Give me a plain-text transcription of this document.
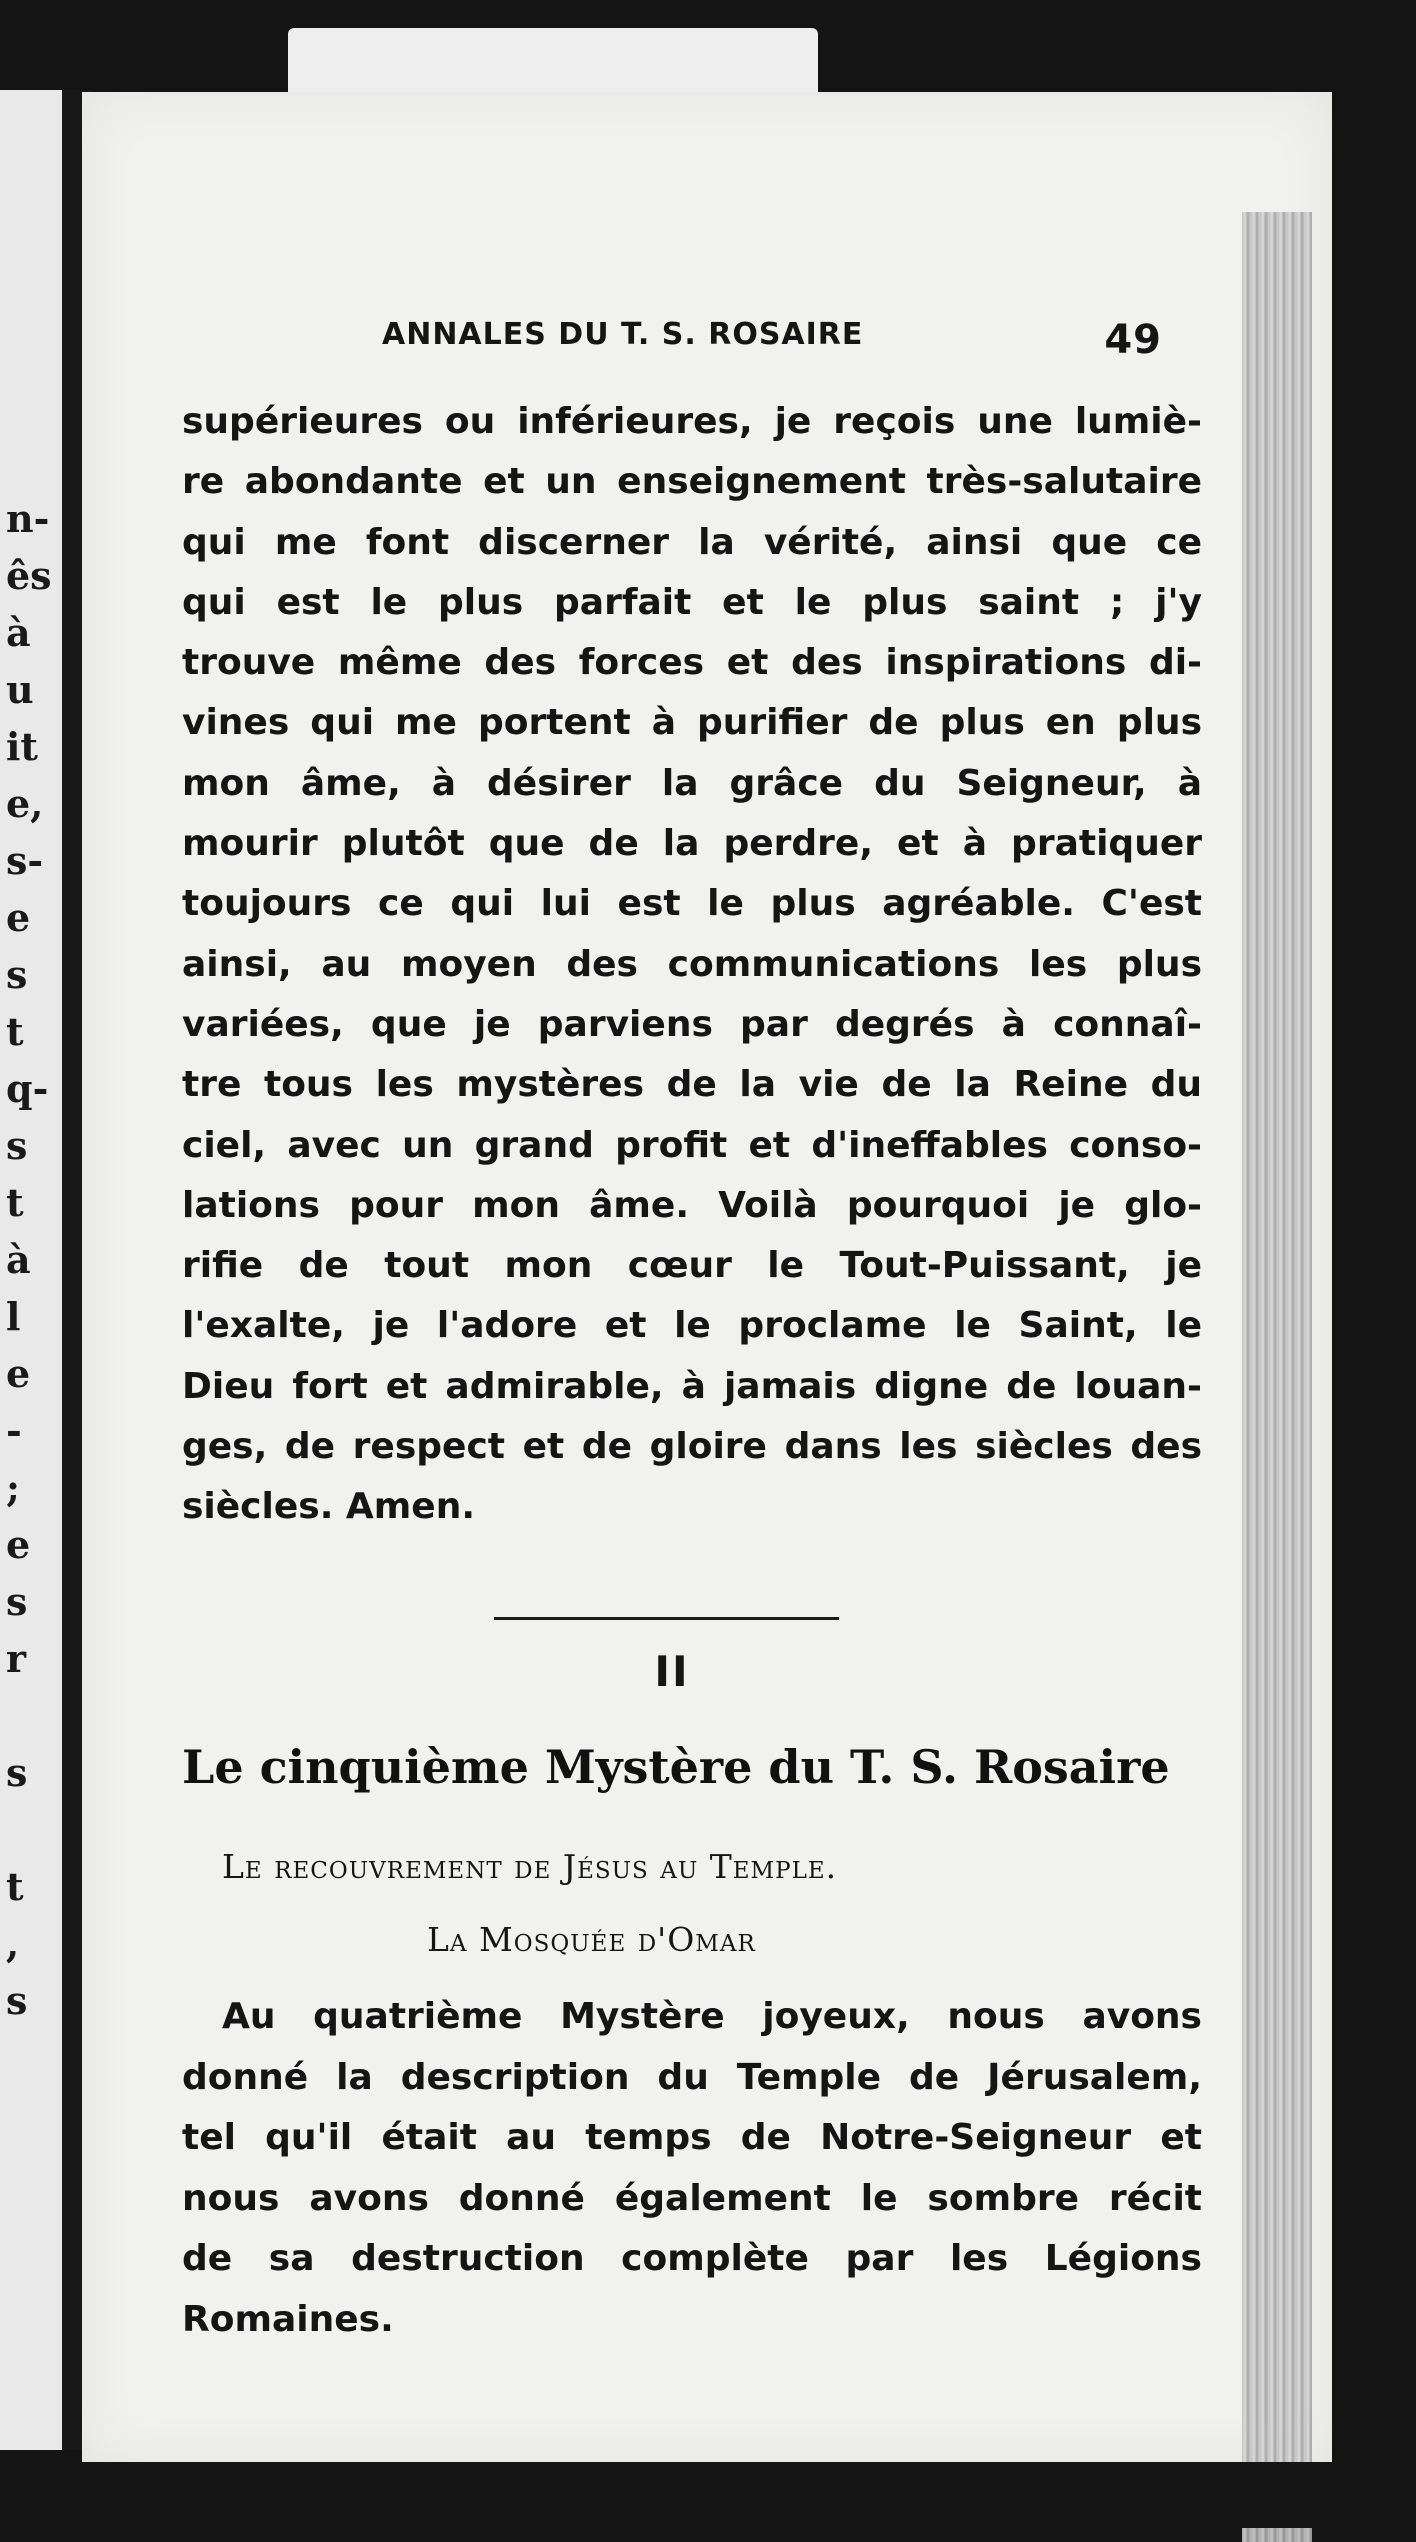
n-
ês
à
u
it
e,
s-
e
s
t
q-
s
t
à
l
e
-
;
e
s
r
s
t
,
s
ANNALES DU T. S. ROSAIRE	49
supérieures ou inférieures, je reçois une lumiè-
re abondante et un enseignement très-salutaire
qui me font discerner la vérité, ainsi que ce
qui est le plus parfait et le plus saint ; j'y
trouve même des forces et des inspirations di-
vines qui me portent à purifier de plus en plus
mon âme, à désirer la grâce du Seigneur, à
mourir plutôt que de la perdre, et à pratiquer
toujours ce qui lui est le plus agréable. C'est
ainsi, au moyen des communications les plus
variées, que je parviens par degrés à connaî-
tre tous les mystères de la vie de la Reine du
ciel, avec un grand profit et d'ineffables conso-
lations pour mon âme. Voilà pourquoi je glo-
rifie de tout mon cœur le Tout-Puissant, je
l'exalte, je l'adore et le proclame le Saint, le
Dieu fort et admirable, à jamais digne de louan-
ges, de respect et de gloire dans les siècles des
siècles. Amen.
II
Le cinquième Mystère du T. S. Rosaire
Le recouvrement de Jésus au Temple.
La Mosquée d'Omar
Au quatrième Mystère joyeux, nous avons
donné la description du Temple de Jérusalem,
tel qu'il était au temps de Notre-Seigneur et
nous avons donné également le sombre récit
de sa destruction complète par les Légions
Romaines.
